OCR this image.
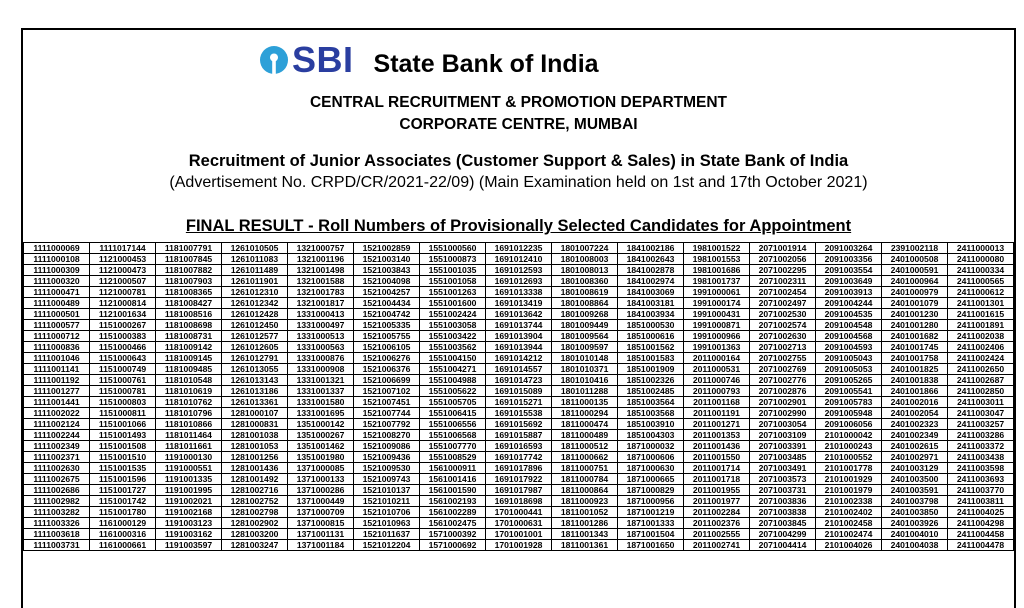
SBI State Bank of India
CENTRAL RECRUITMENT & PROMOTION DEPARTMENT
CORPORATE CENTRE, MUMBAI
Recruitment of Junior Associates (Customer Support & Sales) in State Bank of India
(Advertisement No. CRPD/CR/2021-22/09) (Main Examination held on 1st and 17th October 2021)
FINAL RESULT - Roll Numbers of Provisionally Selected Candidates for Appointment
1111000069	1111017144	1181007791	1261010505	1321000757	1521002859	1551000560	1691012235	1801007224	1841002186	1981001522	2071001914	2091003264	2391002118	2411000013
1111000108	1121000453	1181007845	1261011083	1321001196	1521003140	1551000873	1691012410	1801008003	1841002643	1981001553	2071002056	2091003356	2401000508	2411000080
1111000309	1121000473	1181007882	1261011489	1321001498	1521003843	1551001035	1691012593	1801008013	1841002878	1981001686	2071002295	2091003554	2401000591	2411000334
1111000320	1121000507	1181007903	1261011901	1321001588	1521004098	1551001058	1691012693	1801008360	1841002974	1981001737	2071002311	2091003649	2401000964	2411000565
1111000471	1121000781	1181008365	1261012310	1321001783	1521004257	1551001263	1691013338	1801008619	1841003069	1991000061	2071002454	2091003913	2401000979	2411000612
1111000489	1121000814	1181008427	1261012342	1321001817	1521004434	1551001600	1691013419	1801008864	1841003181	1991000174	2071002497	2091004244	2401001079	2411001301
1111000501	1121001634	1181008516	1261012428	1331000413	1521004742	1551002424	1691013642	1801009268	1841003934	1991000431	2071002530	2091004535	2401001230	2411001615
1111000577	1151000267	1181008698	1261012450	1331000497	1521005335	1551003058	1691013744	1801009449	1851000530	1991000871	2071002574	2091004548	2401001280	2411001891
1111000712	1151000383	1181008731	1261012577	1331000513	1521005755	1551003422	1691013904	1801009564	1851000616	1991000966	2071002630	2091004568	2401001682	2411002038
1111000836	1151000466	1181009142	1261012605	1331000563	1521006105	1551003562	1691013944	1801009597	1851001562	1991001363	2071002713	2091004593	2401001745	2411002406
1111001046	1151000643	1181009145	1261012791	1331000876	1521006276	1551004150	1691014212	1801010148	1851001583	2011000164	2071002755	2091005043	2401001758	2411002424
1111001141	1151000749	1181009485	1261013055	1331000908	1521006376	1551004271	1691014557	1801010371	1851001909	2011000531	2071002769	2091005053	2401001825	2411002650
1111001192	1151000761	1181010548	1261013143	1331001321	1521006699	1551004988	1691014723	1801010416	1851002326	2011000746	2071002776	2091005265	2401001838	2411002687
1111001277	1151000781	1181010619	1261013186	1331001337	1521007102	1551005622	1691015089	1801011288	1851002485	2011000793	2071002876	2091005541	2401001866	2411002850
1111001441	1151000803	1181010762	1261013361	1331001580	1521007451	1551005705	1691015271	1811000135	1851003564	2011001168	2071002901	2091005783	2401002016	2411003011
1111002022	1151000811	1181010796	1281000107	1331001695	1521007744	1551006415	1691015538	1811000294	1851003568	2011001191	2071002990	2091005948	2401002054	2411003047
1111002124	1151001066	1181010866	1281000831	1351000142	1521007792	1551006556	1691015692	1811000474	1851003910	2011001271	2071003054	2091006056	2401002323	2411003257
1111002244	1151001493	1181011464	1281001038	1351000267	1521008270	1551006568	1691015887	1811000489	1851004303	2011001353	2071003109	2101000042	2401002349	2411003286
1111002349	1151001508	1181011661	1281001053	1351001462	1521009086	1551007770	1691016593	1811000512	1871000032	2011001436	2071003391	2101000243	2401002615	2411003372
1111002371	1151001510	1191000130	1281001256	1351001980	1521009436	1551008529	1691017742	1811000662	1871000606	2011001550	2071003485	2101000552	2401002971	2411003438
1111002630	1151001535	1191000551	1281001436	1371000085	1521009530	1561000911	1691017896	1811000751	1871000630	2011001714	2071003491	2101001778	2401003129	2411003598
1111002675	1151001596	1191001335	1281001492	1371000133	1521009743	1561001416	1691017922	1811000784	1871000665	2011001718	2071003573	2101001929	2401003500	2411003693
1111002686	1151001727	1191001995	1281002716	1371000286	1521010137	1561001590	1691017987	1811000864	1871000829	2011001955	2071003731	2101001979	2401003591	2411003770
1111002982	1151001742	1191002021	1281002752	1371000449	1521010211	1561002193	1691018698	1811000923	1871000956	2011001977	2071003836	2101002338	2401003798	2411003811
1111003282	1151001780	1191002168	1281002798	1371000709	1521010706	1561002289	1701000441	1811001052	1871001219	2011002284	2071003838	2101002402	2401003850	2411004025
1111003326	1161000129	1191003123	1281002902	1371000815	1521010963	1561002475	1701000631	1811001286	1871001333	2011002376	2071003845	2101002458	2401003926	2411004298
1111003618	1161000316	1191003162	1281003200	1371001131	1521011637	1571000392	1701001001	1811001343	1871001504	2011002555	2071004299	2101002474	2401004010	2411004458
1111003731	1161000661	1191003597	1281003247	1371001184	1521012204	1571000692	1701001928	1811001361	1871001650	2011002741	2071004414	2101004026	2401004038	2411004478
